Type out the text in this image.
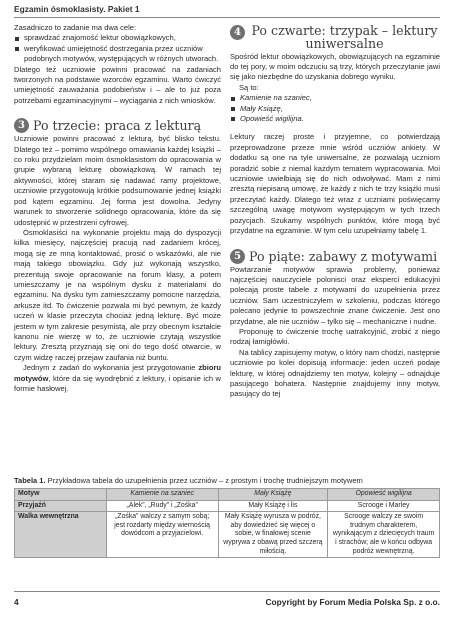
Egzamin ósmoklasisty. Pakiet 1

Zasadniczo to zadanie ma dwa cele:

sprawdzać znajomość lektur obowiązkowych,
weryfikować umiejętność dostrzegania przez uczniów podobnych motywów, występujących w różnych utworach.

Dlatego też uczniowie powinni pracować na zadaniach tworzonych na podstawie wzorców egzaminu. Warto ćwiczyć umiejętność zauważania podobieństw i – ale to już poza potrzebami egzaminacyjnymi – wyciągania z nich wniosków.

3 Po trzecie: praca z lekturą

Uczniowie powinni pracować z lekturą, być blisko tekstu. Dlatego też – pomimo wspólnego omawiania każdej książki – co roku przydzielam moim ósmoklasistom do opracowania w grupie wybraną lekturę obowiązkową. W ramach tej aktywności, której staram się nadawać ramy projektowe, uczniowie przygotowują krótkie podsumowanie jednej książki pod kątem egzaminu. Jej forma jest dowolna. Jedyny warunek to stworzenie solidnego opracowania, które da się udostępnić w przestrzeni cyfrowej.

Ósmoklasiści na wykonanie projektu mają do dyspozycji kilka miesięcy, najczęściej pracują nad zadaniem krócej, mogą się ze mną kontaktować, prosić o wskazówki, ale nie mają takiego obowiązku. Gdy już wykonają wszystko, prezentują swoje opracowanie na forum klasy, a potem umieszczamy je na wspólnym dysku z materiałami do egzaminu. Na dysku tym zamieszczamy pomocne narzędzia, arkusze itd. To ćwiczenie pozwala mi być pewnym, że każdy uczeń w klasie przeczyta chociaż jedną lekturę. Być może jestem w tym zakresie pesymistą, ale przy obecnym kształcie kanonu nie wierzę w to, że uczniowie czytają wszystkie lektury. Zresztą przyznają się oni do tego dość otwarcie, w czym widzę raczej przejaw zaufania niż buntu.

Jednym z zadań do wykonania jest przygotowanie zbioru motywów, które da się wyodrębnić z lektury, i opisanie ich w formie hasłowej.

4 Po czwarte: trzypak – lektury uniwersalne

Spośród lektur obowiązkowych, obowiązujących na egzaminie do tej pory, w moim odczuciu są trzy, których przeczytanie jawi się jako niezbędne do uzyskania dobrego wyniku.

Są to:

Kamienie na szaniec,
Mały Książę,
Opowieść wigilijna.

Lektury raczej proste i przyjemne, co potwierdzają przeprowadzone przeze mnie wśród uczniów ankiety. W dodatku są one na tyle uniwersalne, że pozwalają uczniom poradzić sobie z niemal każdym tematem wypracowania. Moi uczniowie uwielbiają się do nich odwoływać. Mam z nimi zresztą niepisaną umowę, że każdy z nich te trzy książki musi przeczytać każdy. Dlatego też wraz z uczniami poświęcamy szczególną uwagę motywom występującym w tych trzech pozycjach. Szukamy wspólnych punktów, które mogą być przydatne na egzaminie. W tym celu uzupełniamy tabelę 1.

5 Po piąte: zabawy z motywami

Powtarzanie motywów sprawia problemy, ponieważ najczęściej nauczyciele polonisci oraz eksperci edukacyjni polecają proste tabele z motywami do uzupełnienia przez uczniów. Sam uczestniczyłem w szkoleniu, podczas którego polecano jedynie to powszechnie znane ćwiczenie. Jest ono przydatne, ale nie uczniów – tylko się – mechaniczne i nudne.

Proponuję to ćwiczenie trochę uatrakcyjnić, zrobić z niego rodzaj łamigłówki.

Na tablicy zapisujemy motyw, o który nam chodzi, następnie uczniowie po kolei dopisują informacje: jeden uczeń podaje lekturę, w której odnajdziemy ten motyw, kolejny – odnajduje pasującego bohatera. Następnie znajdujemy inny motyw, pasujący do tej

Tabela 1. Przykładowa tabela do uzupełnienia przez uczniów – z prostym i trochę trudniejszym motywem
Motyw	Kamienie na szaniec	Mały Książę	Opowieść wigilijna
Przyjaźń	„Alek”, „Rudy” i „Zośka”	Mały Książę i lis	Scrooge i Marley
Walka wewnętrzna	„Zośka” walczy z samym sobą; jest rozdarty między wiernością dowódcom a przyjacielowi.	Mały Książę wyrusza w podróż, aby dowiedzieć się więcej o sobie, w finałowej scenie wyprywa z obawą przed szczerą miłością.	Scrooge walczy ze swoim trudnym charakterem, wynikającym z dziecięcych traum i strachów; ale w końcu odbywa podróż wewnętrzną.
4	Copyright by Forum Media Polska Sp. z o.o.
